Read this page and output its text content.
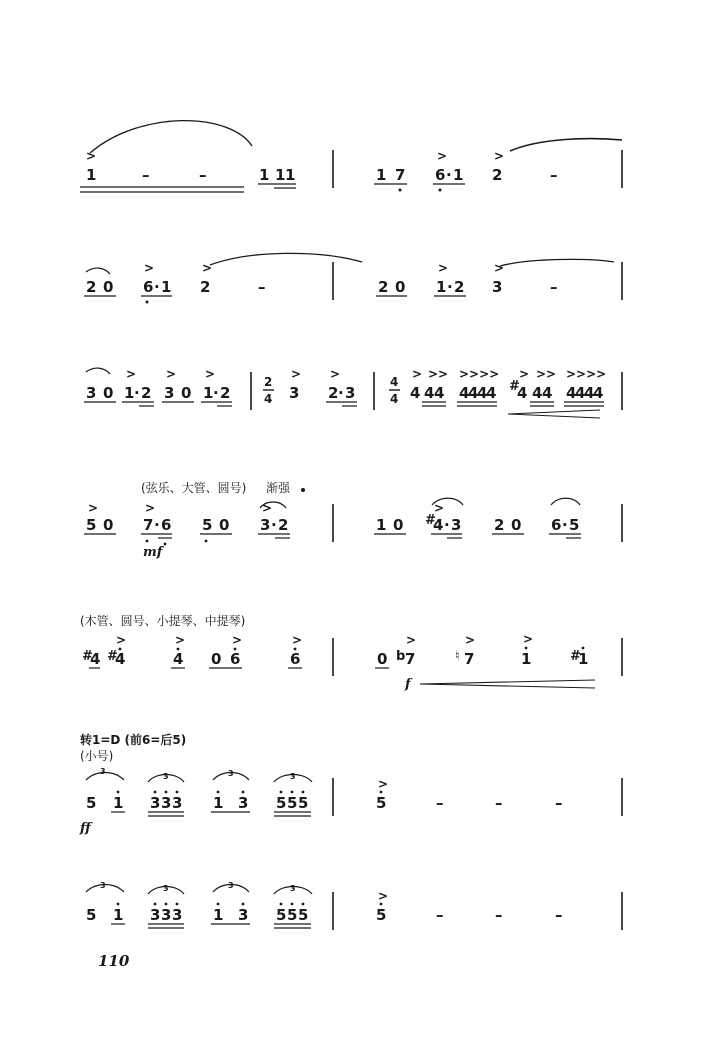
>
1	–	–	1 1 1	1 7
>
6 · 1
>
2	–
2 0
>
6 · 1
>
2	–	2 0
>
1 · 2
>
3	–
3 0
>
1 · 2
>
3 0
>
1 · 2
2
4
>
3
>
2 · 3
4
4
>
4
>>
4 4
>>>>
4
4
4
4 #
>
4
>>
4 4
>>>>
4
4
4
4
(弦乐、大管、圆号) 渐强
>
5 0
>
7 · 6
mf
5 0
>
3 · 2	1 0 #
>
4 · 3 2 0 6 · 5
(木管、圆号、小提琴、中提琴)
#
4 #
>
4
>
4 0
>
6
>
6	0 b 7
>
♮ 7
>	>
1	#
1
f
转1=D (前6=后5)
(小号)
3
5 1
3
3 3 3
3
1 3
3
5 5 5
ff
>
5	–	–	–
3
5 1
3
3 3 3
3
1 3
3
5 5 5
>
5	–	–	–
110
